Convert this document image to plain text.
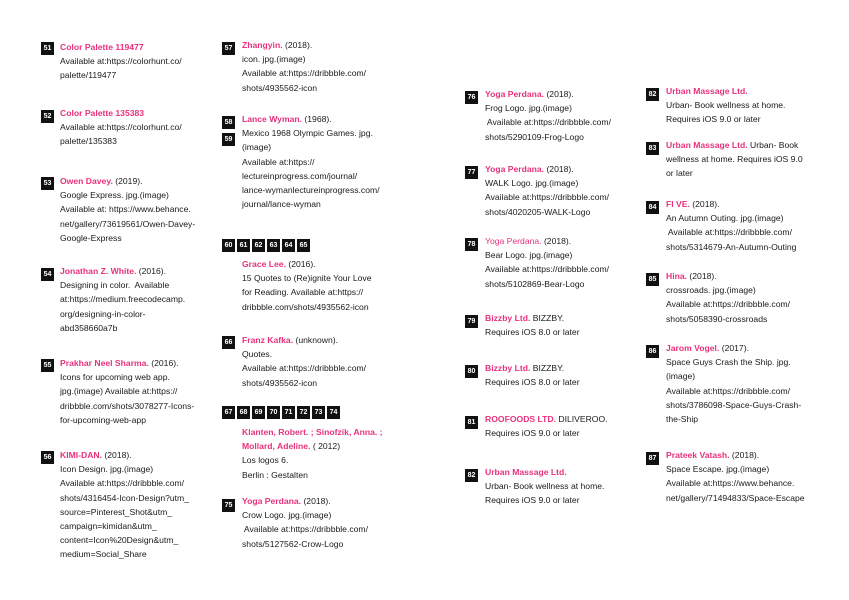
51	Color Palette 119477
Available at:https://colorhunt.co/
palette/119477
52	Color Palette 135383
Available at:https://colorhunt.co/
palette/135383
53	Owen Davey. (2019).
Google Express. jpg.(image)
Available at: https://www.behance.
net/gallery/73619561/Owen-Davey-
Google-Express
54	Jonathan Z. White. (2016).
Designing in color.  Available
at:https://medium.freecodecamp.
org/designing-in-color-
abd358660a7b
55	Prakhar Neel Sharma. (2016).
Icons for upcoming web app.
jpg.(image) Available at:https://
dribbble.com/shots/3078277-Icons-
for-upcoming-web-app
56	KIMI-DAN. (2018).
Icon Design. jpg.(image)
Available at:https://dribbble.com/
shots/4316454-Icon-Design?utm_
source=Pinterest_Shot&utm_
campaign=kimidan&utm_
content=Icon%20Design&utm_
medium=Social_Share
57	Zhangyin. (2018).
icon. jpg.(image)
Available at:https://dribbble.com/
shots/4935562-icon
58
59
Lance Wyman. (1968).
Mexico 1968 Olympic Games. jpg.
(image)
Available at:https://
lectureinprogress.com/journal/
lance-wymanlectureinprogress.com/
journal/lance-wyman
60	61	62	63	64	65
Grace Lee. (2016).
15 Quotes to (Re)ignite Your Love
for Reading. Available at:https://
dribbble.com/shots/4935562-icon
66	Franz Kafka. (unknown).
Quotes.
Available at:https://dribbble.com/
shots/4935562-icon
67	68	69	70	71	72	73	74
Klanten, Robert. ; Sinofzik, Anna. ;
Mollard, Adeline. ( 2012)
Los logos 6.
Berlin : Gestalten
75	Yoga Perdana. (2018).
Crow Logo. jpg.(image)
Available at:https://dribbble.com/
shots/5127562-Crow-Logo
76	Yoga Perdana. (2018).
Frog Logo. jpg.(image)
Available at:https://dribbble.com/
shots/5290109-Frog-Logo
77	Yoga Perdana. (2018).
WALK Logo. jpg.(image)
Available at:https://dribbble.com/
shots/4020205-WALK-Logo
78	Yoga Perdana. (2018).
Bear Logo. jpg.(image)
Available at:https://dribbble.com/
shots/5102869-Bear-Logo
79	Bizzby Ltd. BIZZBY.
Requires iOS 8.0 or later
80	Bizzby Ltd. BIZZBY.
Requires iOS 8.0 or later
81	ROOFOODS LTD. DILIVEROO.
Requires iOS 9.0 or later
82	Urban Massage Ltd.
Urban- Book wellness at home.
Requires iOS 9.0 or later
82	Urban Massage Ltd.
Urban- Book wellness at home.
Requires iOS 9.0 or later
83	Urban Massage Ltd. Urban- Book
wellness at home. Requires iOS 9.0
or later
84	FI VE. (2018).
An Autumn Outing. jpg.(image)
Available at:https://dribbble.com/
shots/5314679-An-Autumn-Outing
85	Hina. (2018).
crossroads. jpg.(image)
Available at:https://dribbble.com/
shots/5058390-crossroads
86	Jarom Vogel. (2017).
Space Guys Crash the Ship. jpg.
(image)
Available at:https://dribbble.com/
shots/3786098-Space-Guys-Crash-
the-Ship
87	Prateek Vatash. (2018).
Space Escape. jpg.(image)
Available at:https://www.behance.
net/gallery/71494833/Space-Escape
